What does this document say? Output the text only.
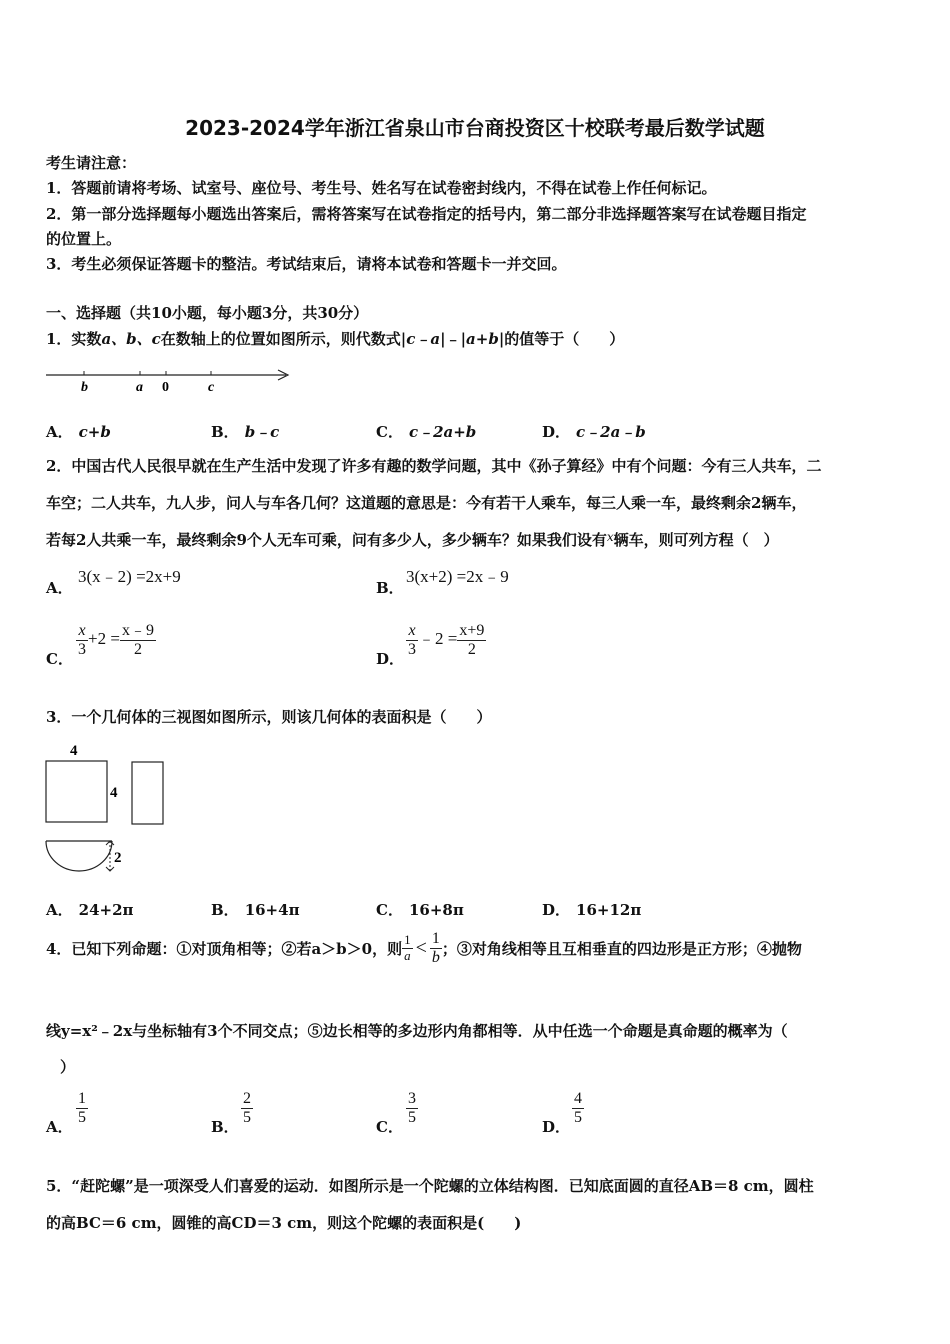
2023-2024学年浙江省泉山市台商投资区十校联考最后数学试题
考生请注意：
1．答题前请将考场、试室号、座位号、考生号、姓名写在试卷密封线内，不得在试卷上作任何标记。
2．第一部分选择题每小题选出答案后，需将答案写在试卷指定的括号内，第二部分非选择题答案写在试卷题目指定
的位置上。
3．考生必须保证答题卡的整洁。考试结束后，请将本试卷和答题卡一并交回。
一、选择题（共10小题，每小题3分，共30分）
1．实数a、b、c在数轴上的位置如图所示，则代数式|c﹣a|﹣|a+b|的值等于（　　）
b	a 0	c
A． c+b	B． b﹣c	C． c﹣2a+b	D． c﹣2a﹣b
2．中国古代人民很早就在生产生活中发现了许多有趣的数学问题，其中《孙子算经》中有个问题：今有三人共车，二
车空；二人共车，九人步，问人与车各几何？这道题的意思是：今有若干人乘车，每三人乘一车，最终剩余2辆车，
若每2人共乘一车，最终剩余9个人无车可乘，问有多少人，多少辆车？如果我们设有$^x$辆车，则可列方程（　）
A．
3(x﹣2) =2x+9
B．
3(x+2) =2x﹣9
C．
$\frac{x}{3} +2 = \frac{x﹣9}{2}$
D．
$\frac{x}{3}$ ﹣2 = $\frac{x+9}{2}$
3．一个几何体的三视图如图所示，则该几何体的表面积是（　　）
4
4
2
A． 24+2π	B． 16+4π	C． 16+8π	D． 16+12π
4．已知下列命题：①对顶角相等；②若a＞b＞0，则 $\frac{1}{a} < \frac{1}{b}$ ；③对角线相等且互相垂直的四边形是正方形；④抛物
线y=x²﹣2x与坐标轴有3个不同交点；⑤边长相等的多边形内角都相等．从中任选一个命题是真命题的概率为（
）
A．
$\frac{1}{5}$
B．
$\frac{2}{5}$
C．
$\frac{3}{5}$
D．
$\frac{4}{5}$
5．“赶陀螺”是一项深受人们喜爱的运动．如图所示是一个陀螺的立体结构图．已知底面圆的直径AB＝8 cm，圆柱
的高BC＝6 cm，圆锥的高CD＝3 cm，则这个陀螺的表面积是(　　)
